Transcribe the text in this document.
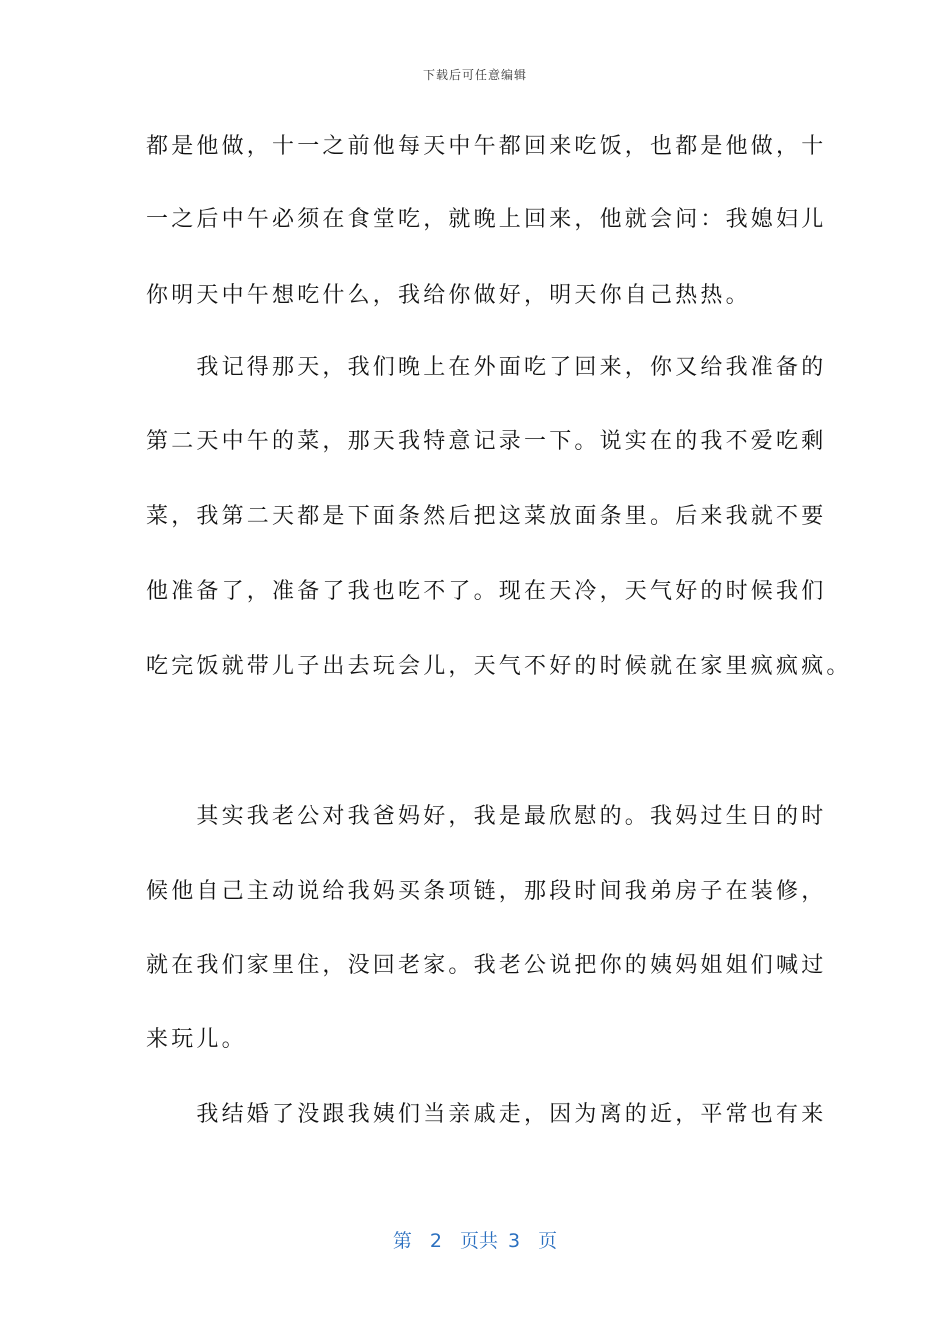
下载后可任意编辑
都是他做，十一之前他每天中午都回来吃饭，也都是他做，十
一之后中午必须在食堂吃，就晚上回来，他就会问：我媳妇儿
你明天中午想吃什么，我给你做好，明天你自己热热。
　　我记得那天，我们晚上在外面吃了回来，你又给我准备的
第二天中午的菜，那天我特意记录一下。说实在的我不爱吃剩
菜，我第二天都是下面条然后把这菜放面条里。后来我就不要
他准备了，准备了我也吃不了。现在天冷，天气好的时候我们
吃完饭就带儿子出去玩会儿，天气不好的时候就在家里疯疯疯。
　　其实我老公对我爸妈好，我是最欣慰的。我妈过生日的时
候他自己主动说给我妈买条项链，那段时间我弟房子在装修，
就在我们家里住，没回老家。我老公说把你的姨妈姐姐们喊过
来玩儿。
　　我结婚了没跟我姨们当亲戚走，因为离的近，平常也有来
第 2 页共 3 页
